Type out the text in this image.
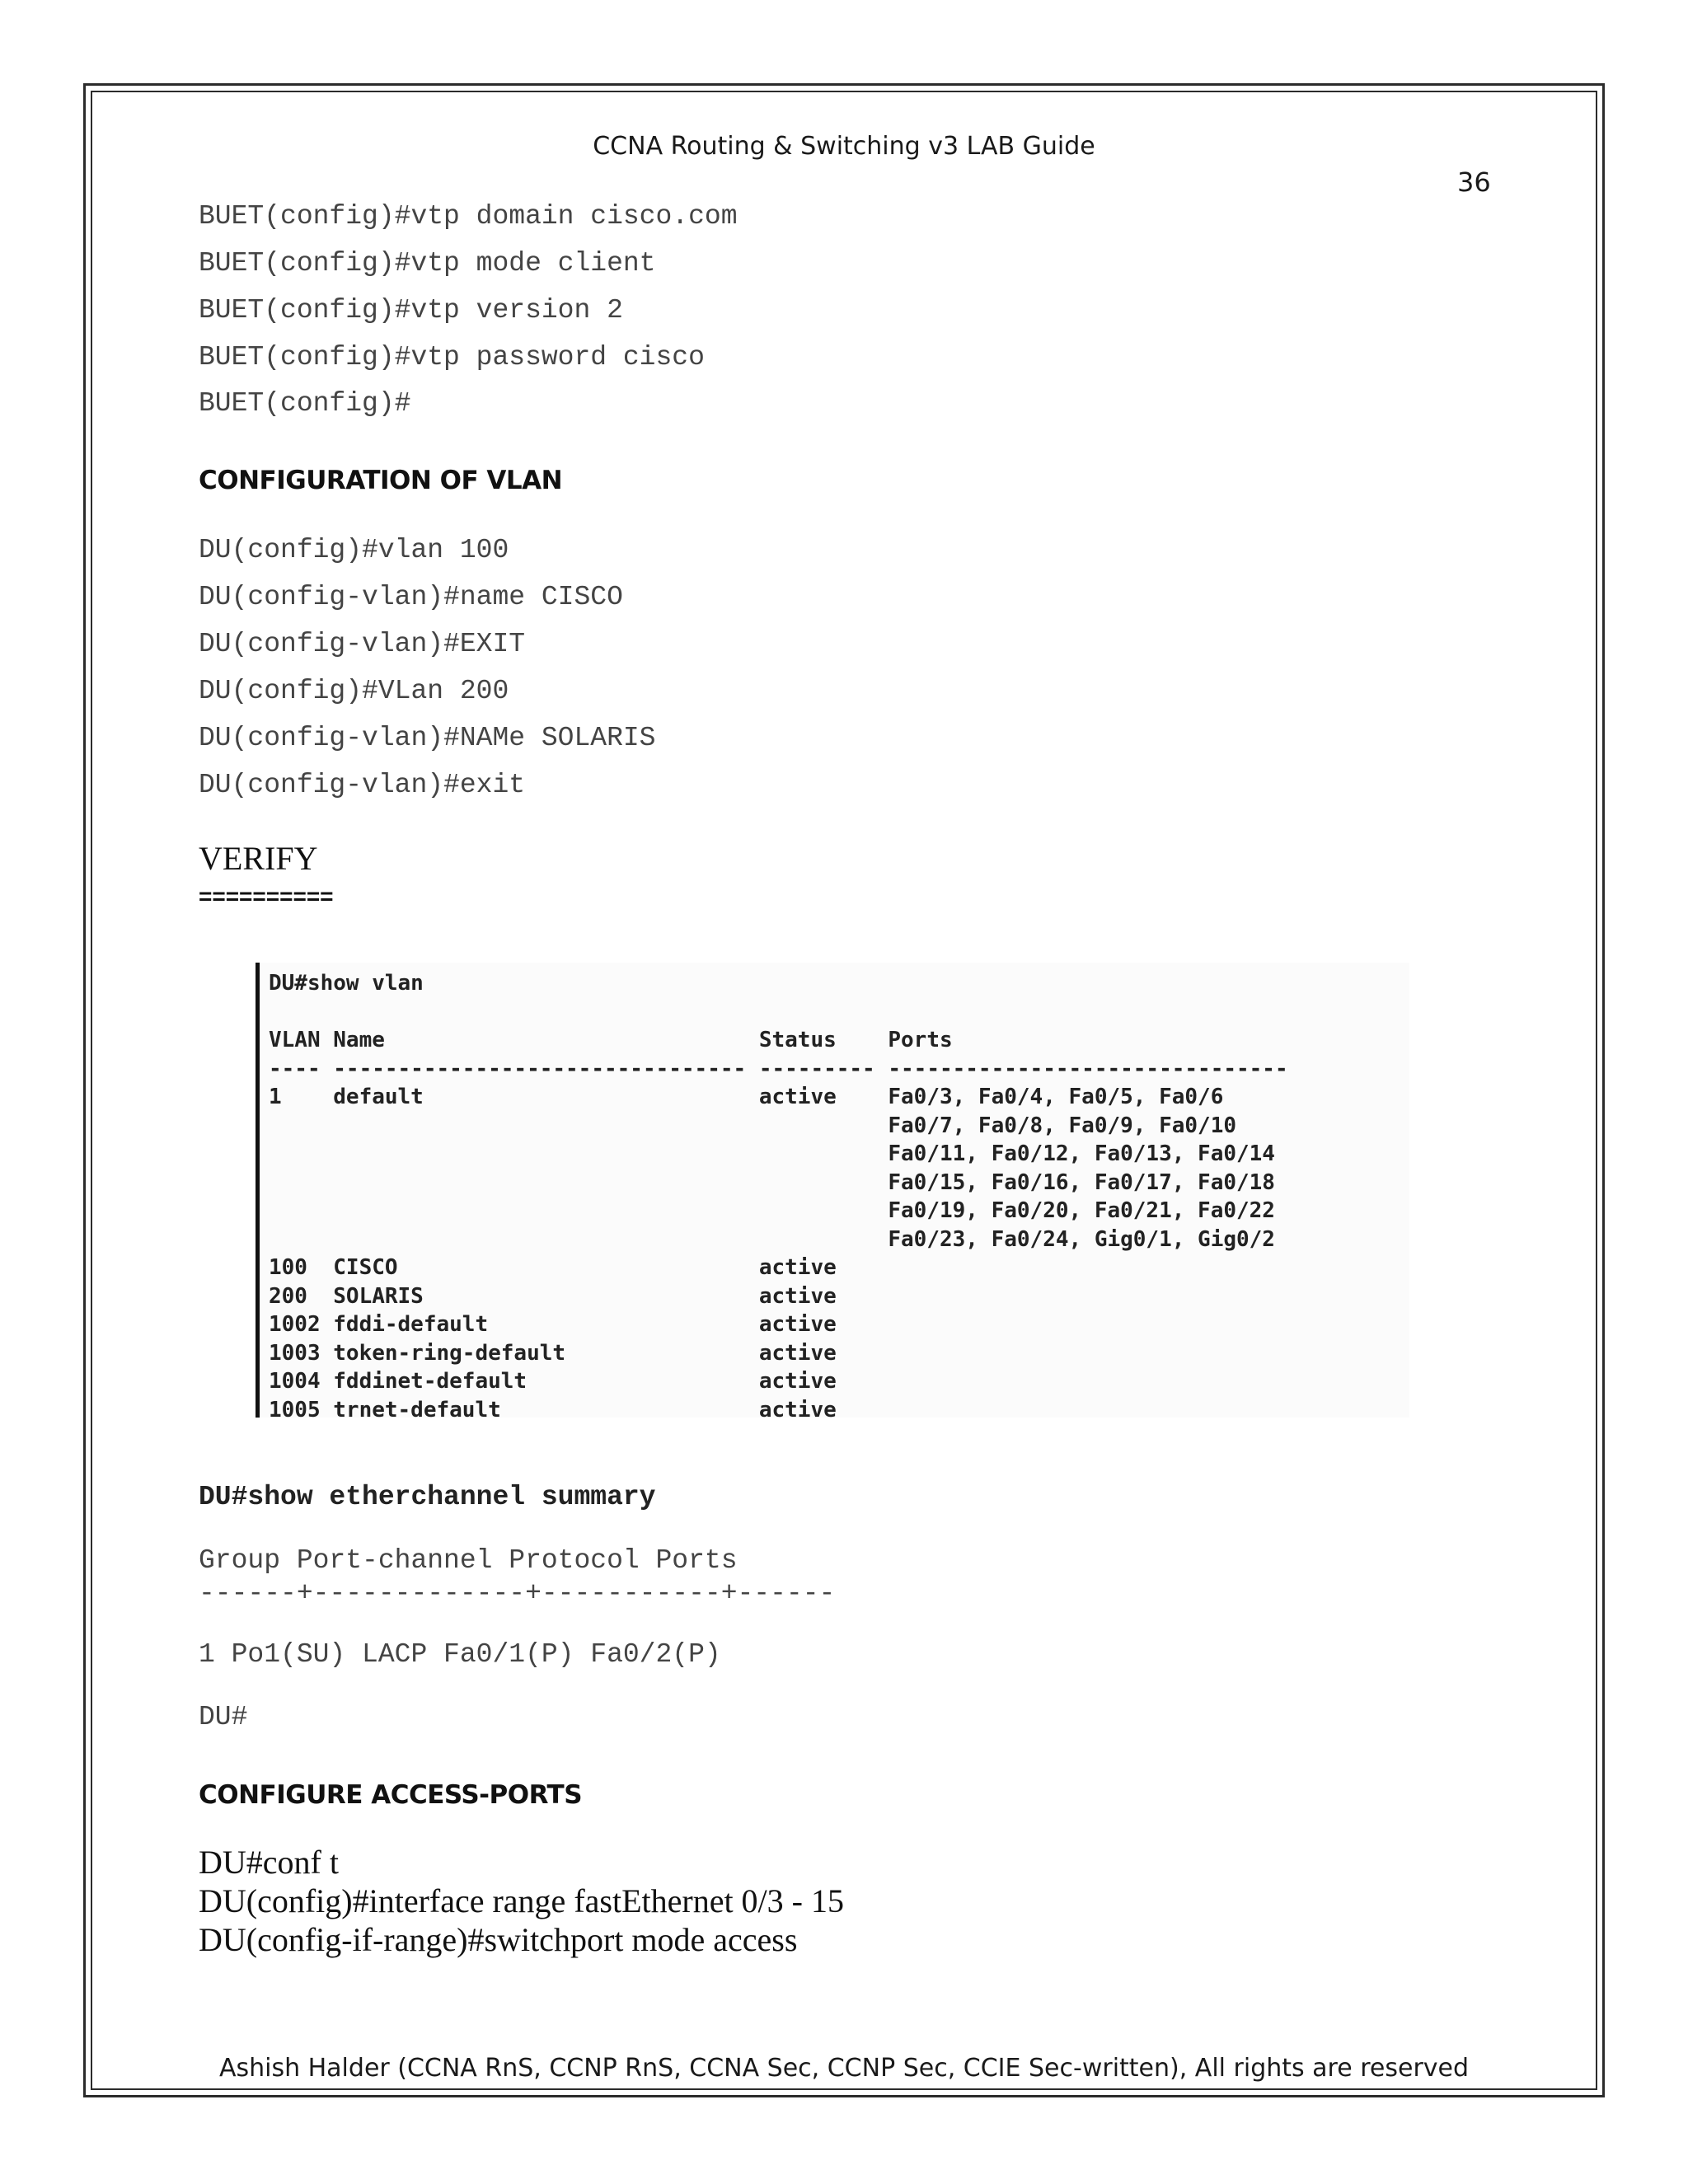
CCNA Routing & Switching v3 LAB Guide
36
BUET(config)#vtp domain cisco.com
BUET(config)#vtp mode client
BUET(config)#vtp version 2
BUET(config)#vtp password cisco
BUET(config)#
CONFIGURATION OF VLAN
DU(config)#vlan 100
DU(config-vlan)#name CISCO
DU(config-vlan)#EXIT
DU(config)#VLan 200
DU(config-vlan)#NAMe SOLARIS
DU(config-vlan)#exit
VERIFY
==========
DU#show vlan

VLAN Name                             Status    Ports
---- -------------------------------- --------- -------------------------------
1    default                          active    Fa0/3, Fa0/4, Fa0/5, Fa0/6
Fa0/7, Fa0/8, Fa0/9, Fa0/10
Fa0/11, Fa0/12, Fa0/13, Fa0/14
Fa0/15, Fa0/16, Fa0/17, Fa0/18
Fa0/19, Fa0/20, Fa0/21, Fa0/22
Fa0/23, Fa0/24, Gig0/1, Gig0/2
100  CISCO                            active
200  SOLARIS                          active
1002 fddi-default                     active
1003 token-ring-default               active
1004 fddinet-default                  active
1005 trnet-default                    active
DU#show etherchannel summary
Group Port-channel Protocol Ports
------+-------------+-----------+------
1 Po1(SU) LACP Fa0/1(P) Fa0/2(P)
DU#
CONFIGURE ACCESS-PORTS
DU#conf t
DU(config)#interface range fastEthernet 0/3 - 15
DU(config-if-range)#switchport mode access
Ashish Halder (CCNA RnS, CCNP RnS, CCNA Sec, CCNP Sec, CCIE Sec-written), All rights are reserved
